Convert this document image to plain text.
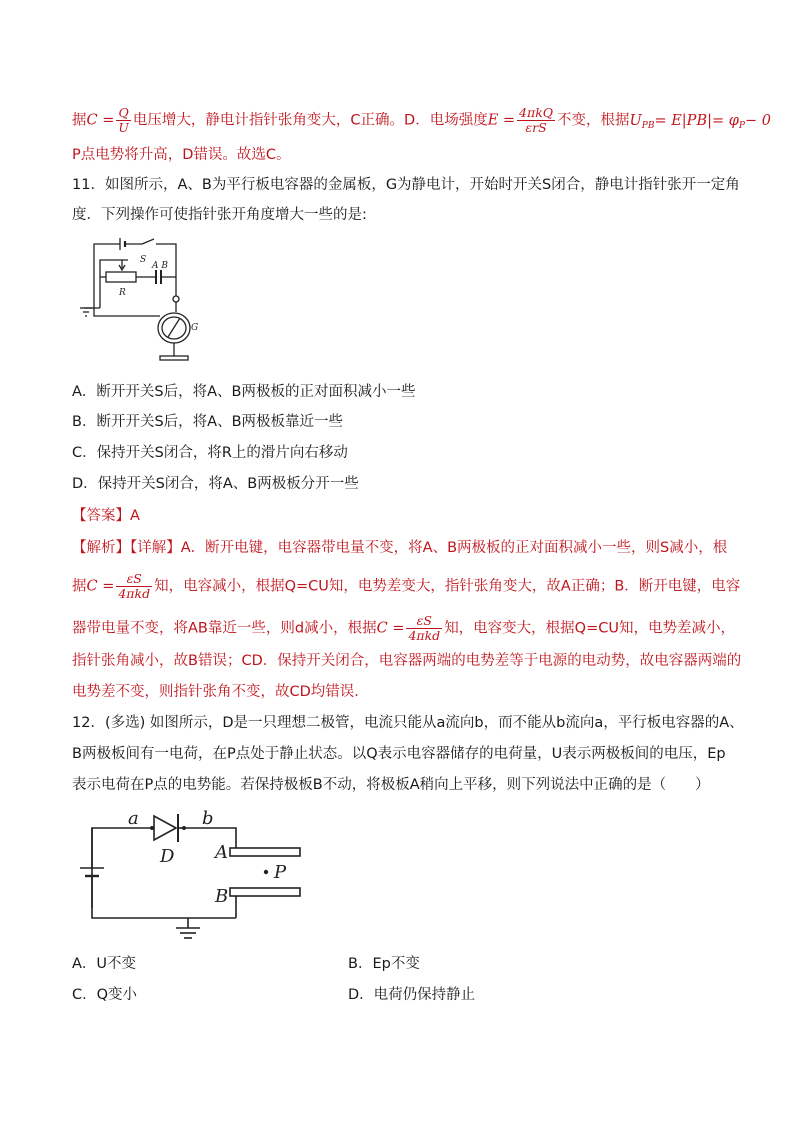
据$C = \frac{Q}{U}$ 电压增大，静电计指针张角变大，C正确。D．电场强度$E = \frac{\text{4πkQ}}{\text{εrS}}$ 不变，根据$U_{PB}= E|PB|= \varphi_P- 0$
P点电势将升高，D错误。故选C。
11．如图所示，A、B为平行板电容器的金属板，G为静电计，开始时开关S闭合，静电计指针张开一定角
度．下列操作可使指针张开角度增大一些的是:
S
A B
R
G
A．断开开关S后，将A、B两极板的正对面积减小一些
B．断开开关S后，将A、B两极板靠近一些
C．保持开关S闭合，将R上的滑片向右移动
D．保持开关S闭合，将A、B两极板分开一些
【答案】A
【解析】【详解】A．断开电键，电容器带电量不变，将A、B两极板的正对面积减小一些，则S减小，根
据$C = \frac{\varepsilon S}{\text{4πkd}}$ 知，电容减小，根据Q=CU知，电势差变大，指针张角变大，故A正确；B．断开电键，电容
器带电量不变，将AB靠近一些，则d减小，根据$C = \frac{\varepsilon S}{\text{4πkd}}$ 知，电容变大，根据Q=CU知，电势差减小，
指针张角减小，故B错误；CD．保持开关闭合，电容器两端的电势差等于电源的电动势，故电容器两端的
电势差不变，则指针张角不变，故CD均错误．
12．(多选) 如图所示，D是一只理想二极管，电流只能从a流向b，而不能从b流向a，平行板电容器的A、
B两极板间有一电荷，在P点处于静止状态。以Q表示电容器储存的电荷量，U表示两极板间的电压，Ep
表示电荷在P点的电势能。若保持极板B不动，将极板A稍向上平移，则下列说法中正确的是（　　）
a	b
D A
P
B
A．U不变	B．Ep不变
C．Q变小	D．电荷仍保持静止
